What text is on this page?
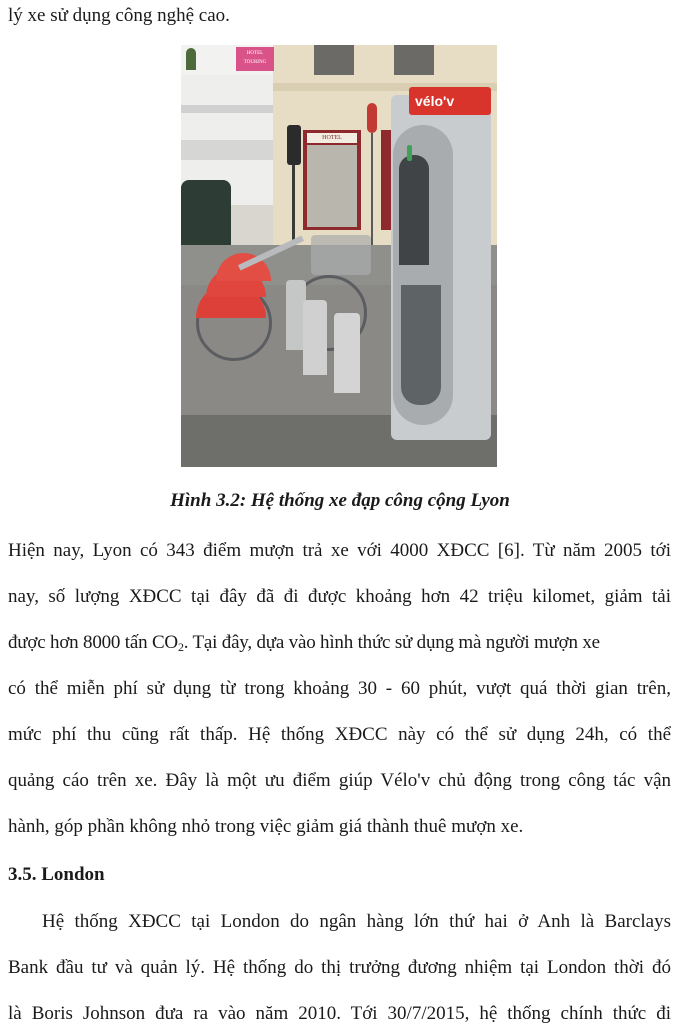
lý xe sử dụng công nghệ cao.
HOTEL
HOTEL
TOURING
vélo'v
Hình 3.2: Hệ thống xe đạp công cộng Lyon
Hiện nay, Lyon có 343 điểm mượn trả xe với 4000 XĐCC [6]. Từ năm 2005 tới
nay, số lượng XĐCC tại đây đã đi được khoảng hơn 42 triệu kilomet, giảm tải
được hơn 8000 tấn $CO_2$. Tại đây, dựa vào hình thức sử dụng mà người mượn xe
có thể miễn phí sử dụng từ trong khoảng 30 - 60 phút, vượt quá thời gian trên,
mức phí thu cũng rất thấp. Hệ thống XĐCC này có thể sử dụng 24h, có thể
quảng cáo trên xe. Đây là một ưu điểm giúp Vélo'v chủ động trong công tác vận
hành, góp phần không nhỏ trong việc giảm giá thành thuê mượn xe.
3.5. London
Hệ thống XĐCC tại London do ngân hàng lớn thứ hai ở Anh là Barclays
Bank đầu tư và quản lý. Hệ thống do thị trưởng đương nhiệm tại London thời đó
là Boris Johnson đưa ra vào năm 2010. Tới 30/7/2015, hệ thống chính thức đi
